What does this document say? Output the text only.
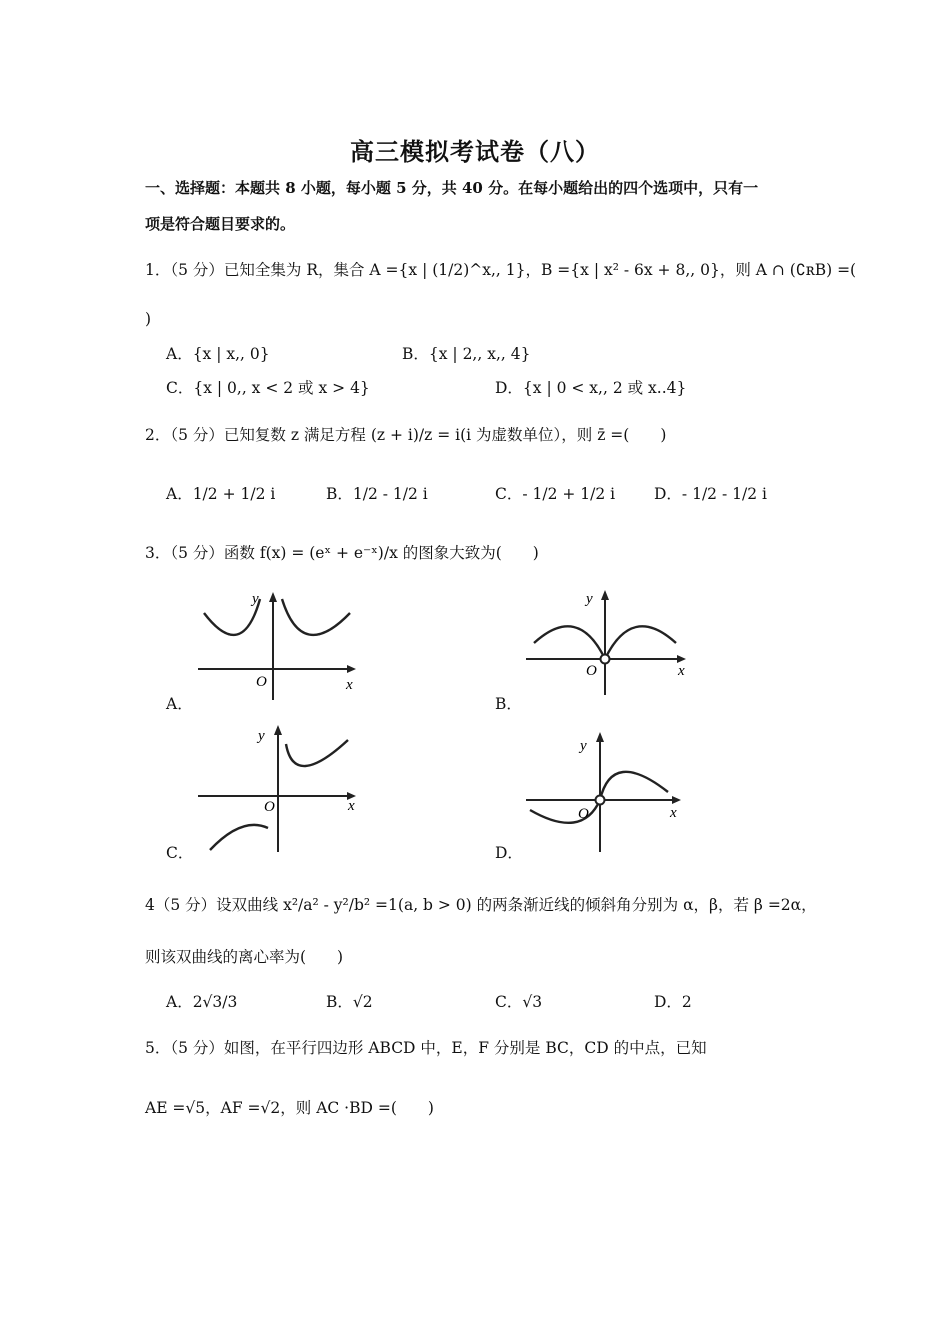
高三模拟考试卷（八）
一、选择题：本题共 8 小题，每小题 5 分，共 40 分。在每小题给出的四个选项中，只有一
项是符合题目要求的。
1．（5 分）已知全集为 R，集合 A ={x | (1/2)^x,, 1}，B ={x | x² - 6x + 8,, 0}，则 A ∩ (∁ʀB) =(
)
A．{x | x,, 0}	B．{x | 2,, x,, 4}
C．{x | 0,, x < 2 或 x > 4}	D．{x | 0 < x,, 2 或 x..4}
2．（5 分）已知复数 z 满足方程 (z + i)/z = i(i 为虚数单位），则 z̄ =(　　)
A．1/2 + 1/2 i	B．1/2 - 1/2 i	C．- 1/2 + 1/2 i	D．- 1/2 - 1/2 i
3．（5 分）函数 f(x) = (eˣ + e⁻ˣ)/x 的图象大致为(　　)
y
O	x
A．
y
O	x
B．
y
O	x
C．
y
O	x
D．
4（5 分）设双曲线 x²/a² - y²/b² =1(a, b > 0) 的两条渐近线的倾斜角分别为 α，β，若 β =2α，
则该双曲线的离心率为(　　)
A．2√3/3	B．√2	C．√3	D．2
5．（5 分）如图，在平行四边形 ABCD 中，E，F 分别是 BC，CD 的中点，已知
AE =√5，AF =√2，则 AC ·BD =(　　)
